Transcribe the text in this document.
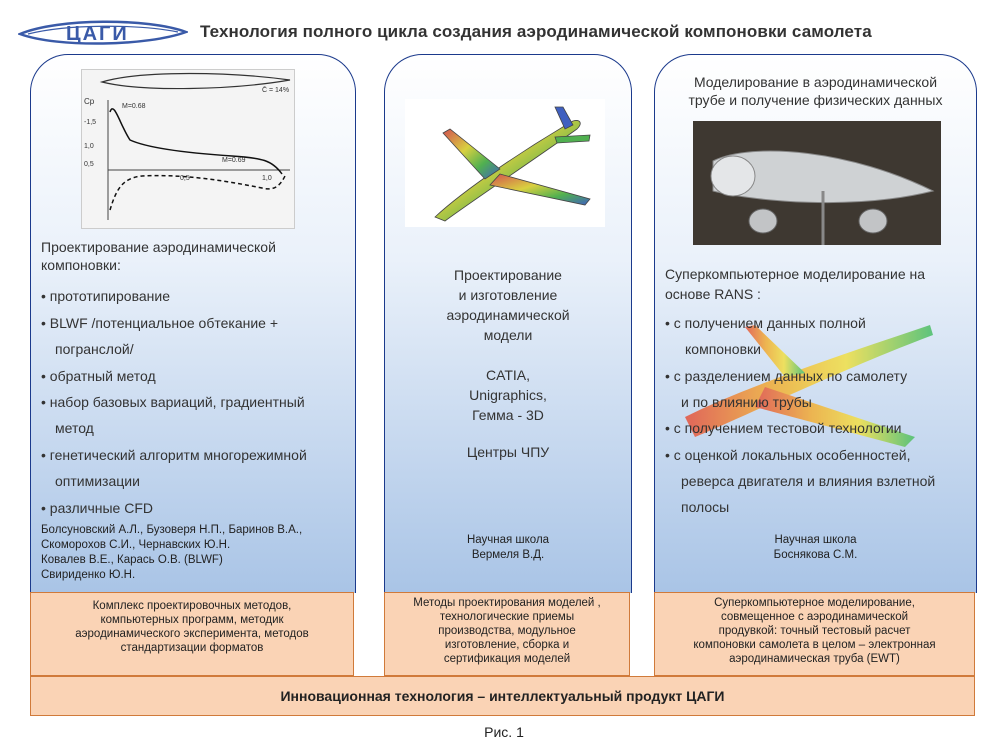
ЦАГИ	Технология полного цикла создания аэродинамической компоновки самолета
Cp
-1,5
1,0
0,5
0,5	1,0
C̄ = 14%
M=0.68
M=0.69
Проектирование аэродинамической
компоновки:
• прототипирование
• BLWF /потенциальное обтекание +
погранслой/
• обратный метод
• набор базовых вариаций, градиентный
метод
• генетический алгоритм многорежимной
оптимизации
• различные CFD
Болсуновский А.Л., Бузоверя Н.П., Баринов В.А.,
Скоморохов С.И., Чернавских Ю.Н.
Ковалев В.Е., Карась О.В. (BLWF)
Свириденко Ю.Н.
Проектирование
и изготовление
аэродинамической
модели
CATIA,
Unigraphics,
Гемма - 3D
Центры ЧПУ
Научная школа
Вермеля В.Д.
Моделирование в аэродинамической
трубе и получение физических данных
Суперкомпьютерное моделирование на
основе RANS :
• с получением данных полной
компоновки
• с разделением данных по самолету
и по влиянию трубы
• с получением тестовой технологии
• с оценкой локальных особенностей,
реверса двигателя и влияния взлетной
полосы
Научная школа
Боснякова С.М.
Комплекс проектировочных методов,
компьютерных программ, методик
аэродинамического эксперимента, методов
стандартизации форматов
Методы проектирования моделей ,
технологические приемы
производства, модульное
изготовление, сборка и
сертификация моделей
Суперкомпьютерное моделирование,
совмещенное с аэродинамической
продувкой: точный тестовый расчет
компоновки самолета в целом – электронная
аэродинамическая труба (EWT)
Инновационная технология – интеллектуальный продукт ЦАГИ
Рис. 1
